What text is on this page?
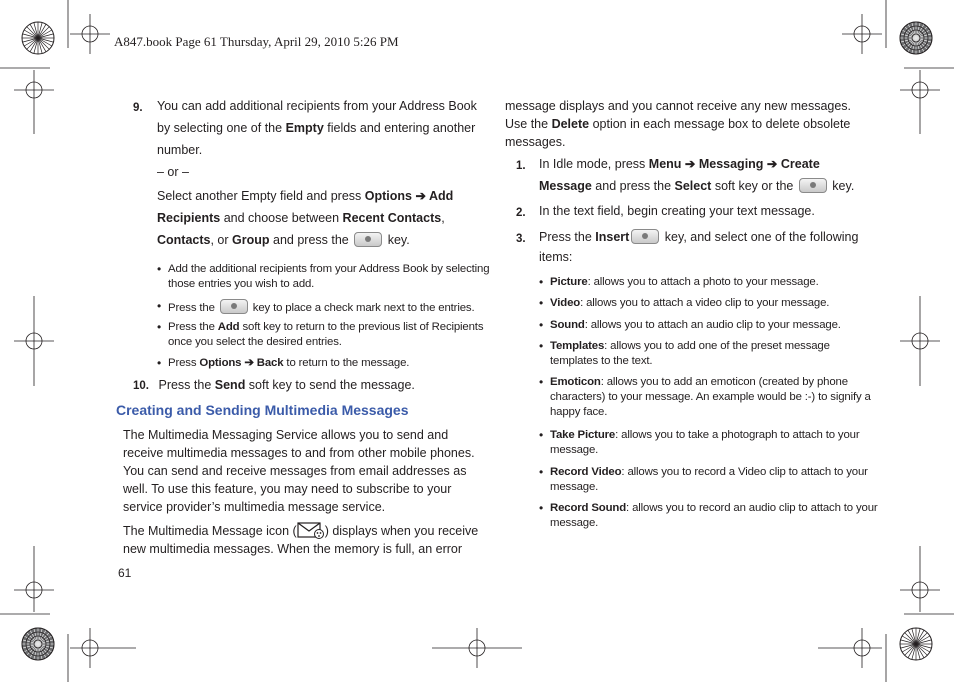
A847.book Page 61 Thursday, April 29, 2010 5:26 PM
9. You can add additional recipients from your Address Book
by selecting one of the Empty fields and entering another
number.
– or –
Select another Empty field and press Options ➔ Add
Recipients and choose between Recent Contacts,
Contacts, or Group and press the	key.
• Add the additional recipients from your Address Book by selecting
those entries you wish to add.
• Press the	key to place a check mark next to the entries.
• Press the Add soft key to return to the previous list of Recipients
once you select the desired entries.
• Press Options ➔ Back to return to the message.
10. Press the Send soft key to send the message.
Creating and Sending Multimedia Messages
The Multimedia Messaging Service allows you to send and
receive multimedia messages to and from other mobile phones.
You can send and receive messages from email addresses as
well. To use this feature, you may need to subscribe to your
service provider’s multimedia message service.
The Multimedia Message icon ( ) displays when you receive
new multimedia messages. When the memory is full, an error
61
message displays and you cannot receive any new messages.
Use the Delete option in each message box to delete obsolete
messages.
1. In Idle mode, press Menu ➔ Messaging ➔ Create
Message and press the Select soft key or the	key.
2. In the text field, begin creating your text message.
3. Press the Insert	key, and select one of the following
items:
• Picture: allows you to attach a photo to your message.
• Video: allows you to attach a video clip to your message.
• Sound: allows you to attach an audio clip to your message.
• Templates: allows you to add one of the preset message
templates to the text.
• Emoticon: allows you to add an emoticon (created by phone
characters) to your message. An example would be :-) to signify a
happy face.
• Take Picture: allows you to take a photograph to attach to your
message.
• Record Video: allows you to record a Video clip to attach to your
message.
• Record Sound: allows you to record an audio clip to attach to your
message.
